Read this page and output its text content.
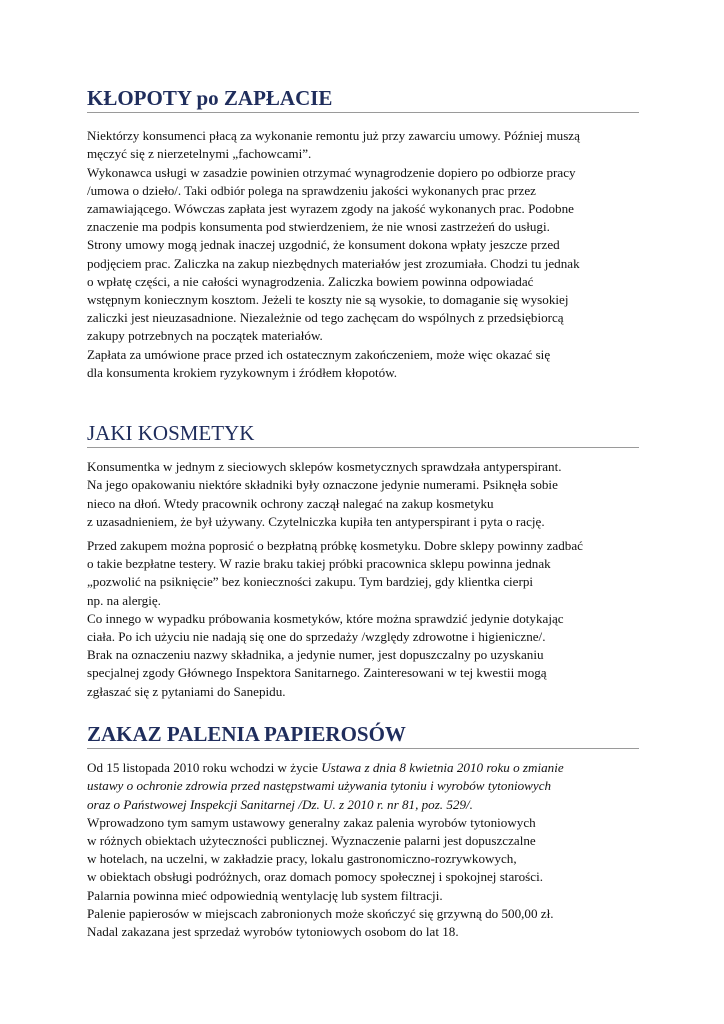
KŁOPOTY po ZAPŁACIE
Niektórzy konsumenci płacą za wykonanie remontu już przy zawarciu umowy. Później muszą
męczyć się z nierzetelnymi „fachowcami”.
Wykonawca usługi w zasadzie powinien otrzymać wynagrodzenie dopiero po odbiorze pracy
/umowa o dzieło/. Taki odbiór polega na sprawdzeniu jakości wykonanych prac przez
zamawiającego. Wówczas zapłata jest wyrazem zgody na jakość wykonanych prac. Podobne
znaczenie ma podpis konsumenta pod stwierdzeniem, że nie wnosi zastrzeżeń do usługi.
Strony umowy mogą jednak inaczej uzgodnić, że konsument dokona wpłaty jeszcze przed
podjęciem prac. Zaliczka na zakup niezbędnych materiałów jest zrozumiała. Chodzi tu jednak
o wpłatę części, a nie całości wynagrodzenia. Zaliczka bowiem powinna odpowiadać
wstępnym koniecznym kosztom. Jeżeli te koszty nie są wysokie, to domaganie się wysokiej
zaliczki jest nieuzasadnione. Niezależnie od tego zachęcam do wspólnych z przedsiębiorcą
zakupy potrzebnych na początek materiałów.
Zapłata za umówione prace przed ich ostatecznym zakończeniem, może więc okazać się
dla konsumenta krokiem ryzykownym i źródłem kłopotów.
JAKI KOSMETYK
Konsumentka w jednym z sieciowych sklepów kosmetycznych sprawdzała antyperspirant.
Na jego opakowaniu niektóre składniki były oznaczone jedynie numerami. Psiknęła sobie
nieco na dłoń. Wtedy pracownik ochrony zaczął nalegać na zakup kosmetyku
z uzasadnieniem, że był używany. Czytelniczka kupiła ten antyperspirant i pyta o rację.
Przed zakupem można poprosić o bezpłatną próbkę kosmetyku. Dobre sklepy powinny zadbać
o takie bezpłatne testery. W razie braku takiej próbki pracownica sklepu powinna jednak
„pozwolić na psiknięcie” bez konieczności zakupu. Tym bardziej, gdy klientka cierpi
np. na alergię.
Co innego w wypadku próbowania kosmetyków, które można sprawdzić jedynie dotykając
ciała. Po ich użyciu nie nadają się one do sprzedaży /względy zdrowotne i higieniczne/.
Brak na oznaczeniu nazwy składnika, a jedynie numer, jest dopuszczalny po uzyskaniu
specjalnej zgody Głównego Inspektora Sanitarnego. Zainteresowani w tej kwestii mogą
zgłaszać się z pytaniami do Sanepidu.
ZAKAZ PALENIA PAPIEROSÓW
Od 15 listopada 2010 roku wchodzi w życie Ustawa z dnia 8 kwietnia 2010 roku o zmianie
ustawy o ochronie zdrowia przed następstwami używania tytoniu i wyrobów tytoniowych
oraz o Państwowej Inspekcji Sanitarnej /Dz. U. z 2010 r. nr 81, poz. 529/.
Wprowadzono tym samym ustawowy generalny zakaz palenia wyrobów tytoniowych
w różnych obiektach użyteczności publicznej. Wyznaczenie palarni jest dopuszczalne
w hotelach, na uczelni, w zakładzie pracy, lokalu gastronomiczno-rozrywkowych,
w obiektach obsługi podróżnych, oraz domach pomocy społecznej i spokojnej starości.
Palarnia powinna mieć odpowiednią wentylację lub system filtracji.
Palenie papierosów w miejscach zabronionych może skończyć się grzywną do 500,00 zł.
Nadal zakazana jest sprzedaż wyrobów tytoniowych osobom do lat 18.
